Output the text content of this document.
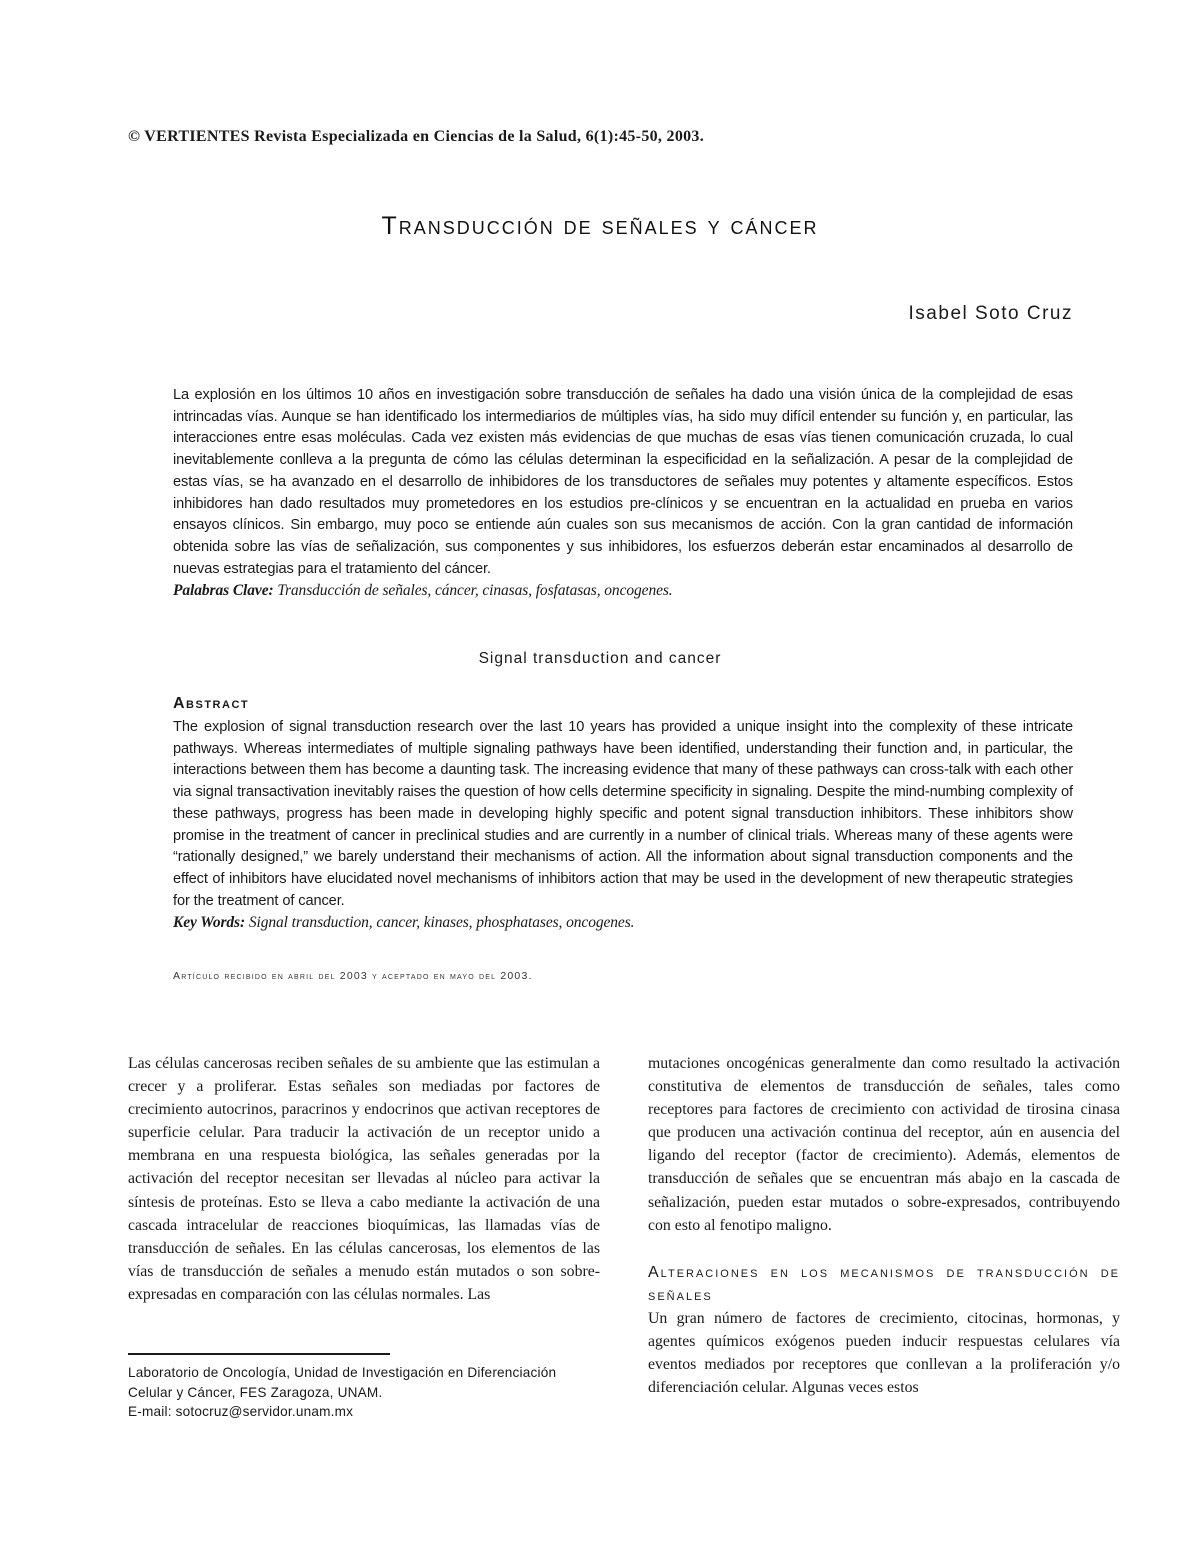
© VERTIENTES Revista Especializada en Ciencias de la Salud, 6(1):45-50, 2003.
Transducción de señales y cáncer
Isabel Soto Cruz
La explosión en los últimos 10 años en investigación sobre transducción de señales ha dado una visión única de la complejidad de esas intrincadas vías. Aunque se han identificado los intermediarios de múltiples vías, ha sido muy difícil entender su función y, en particular, las interacciones entre esas moléculas. Cada vez existen más evidencias de que muchas de esas vías tienen comunicación cruzada, lo cual inevitablemente conlleva a la pregunta de cómo las células determinan la especificidad en la señalización. A pesar de la complejidad de estas vías, se ha avanzado en el desarrollo de inhibidores de los transductores de señales muy potentes y altamente específicos. Estos inhibidores han dado resultados muy prometedores en los estudios pre-clínicos y se encuentran en la actualidad en prueba en varios ensayos clínicos. Sin embargo, muy poco se entiende aún cuales son sus mecanismos de acción. Con la gran cantidad de información obtenida sobre las vías de señalización, sus componentes y sus inhibidores, los esfuerzos deberán estar encaminados al desarrollo de nuevas estrategias para el tratamiento del cáncer.
Palabras Clave: Transducción de señales, cáncer, cinasas, fosfatasas, oncogenes.
Signal transduction and cancer
Abstract
The explosion of signal transduction research over the last 10 years has provided a unique insight into the complexity of these intricate pathways. Whereas intermediates of multiple signaling pathways have been identified, understanding their function and, in particular, the interactions between them has become a daunting task. The increasing evidence that many of these pathways can cross-talk with each other via signal transactivation inevitably raises the question of how cells determine specificity in signaling. Despite the mind-numbing complexity of these pathways, progress has been made in developing highly specific and potent signal transduction inhibitors. These inhibitors show promise in the treatment of cancer in preclinical studies and are currently in a number of clinical trials. Whereas many of these agents were “rationally designed,” we barely understand their mechanisms of action. All the information about signal transduction components and the effect of inhibitors have elucidated novel mechanisms of inhibitors action that may be used in the development of new therapeutic strategies for the treatment of cancer.
Key Words: Signal transduction, cancer, kinases, phosphatases, oncogenes.
Artículo recibido en abril del 2003 y aceptado en mayo del 2003.
Las células cancerosas reciben señales de su ambiente que las estimulan a crecer y a proliferar. Estas señales son mediadas por factores de crecimiento autocrinos, paracrinos y endocrinos que activan receptores de superficie celular. Para traducir la activación de un receptor unido a membrana en una respuesta biológica, las señales generadas por la activación del receptor necesitan ser llevadas al núcleo para activar la síntesis de proteínas. Esto se lleva a cabo mediante la activación de una cascada intracelular de reacciones bioquímicas, las llamadas vías de transducción de señales. En las células cancerosas, los elementos de las vías de transducción de señales a menudo están mutados o son sobre-expresadas en comparación con las células normales. Las
mutaciones oncogénicas generalmente dan como resultado la activación constitutiva de elementos de transducción de señales, tales como receptores para factores de crecimiento con actividad de tirosina cinasa que producen una activación continua del receptor, aún en ausencia del ligando del receptor (factor de crecimiento). Además, elementos de transducción de señales que se encuentran más abajo en la cascada de señalización, pueden estar mutados o sobre-expresados, contribuyendo con esto al fenotipo maligno.
Alteraciones en los mecanismos de transducción de señales
Un gran número de factores de crecimiento, citocinas, hormonas, y agentes químicos exógenos pueden inducir respuestas celulares vía eventos mediados por receptores que conllevan a la proliferación y/o diferenciación celular. Algunas veces estos
Laboratorio de Oncología, Unidad de Investigación en Diferenciación Celular y Cáncer, FES Zaragoza, UNAM.
E-mail: sotocruz@servidor.unam.mx
